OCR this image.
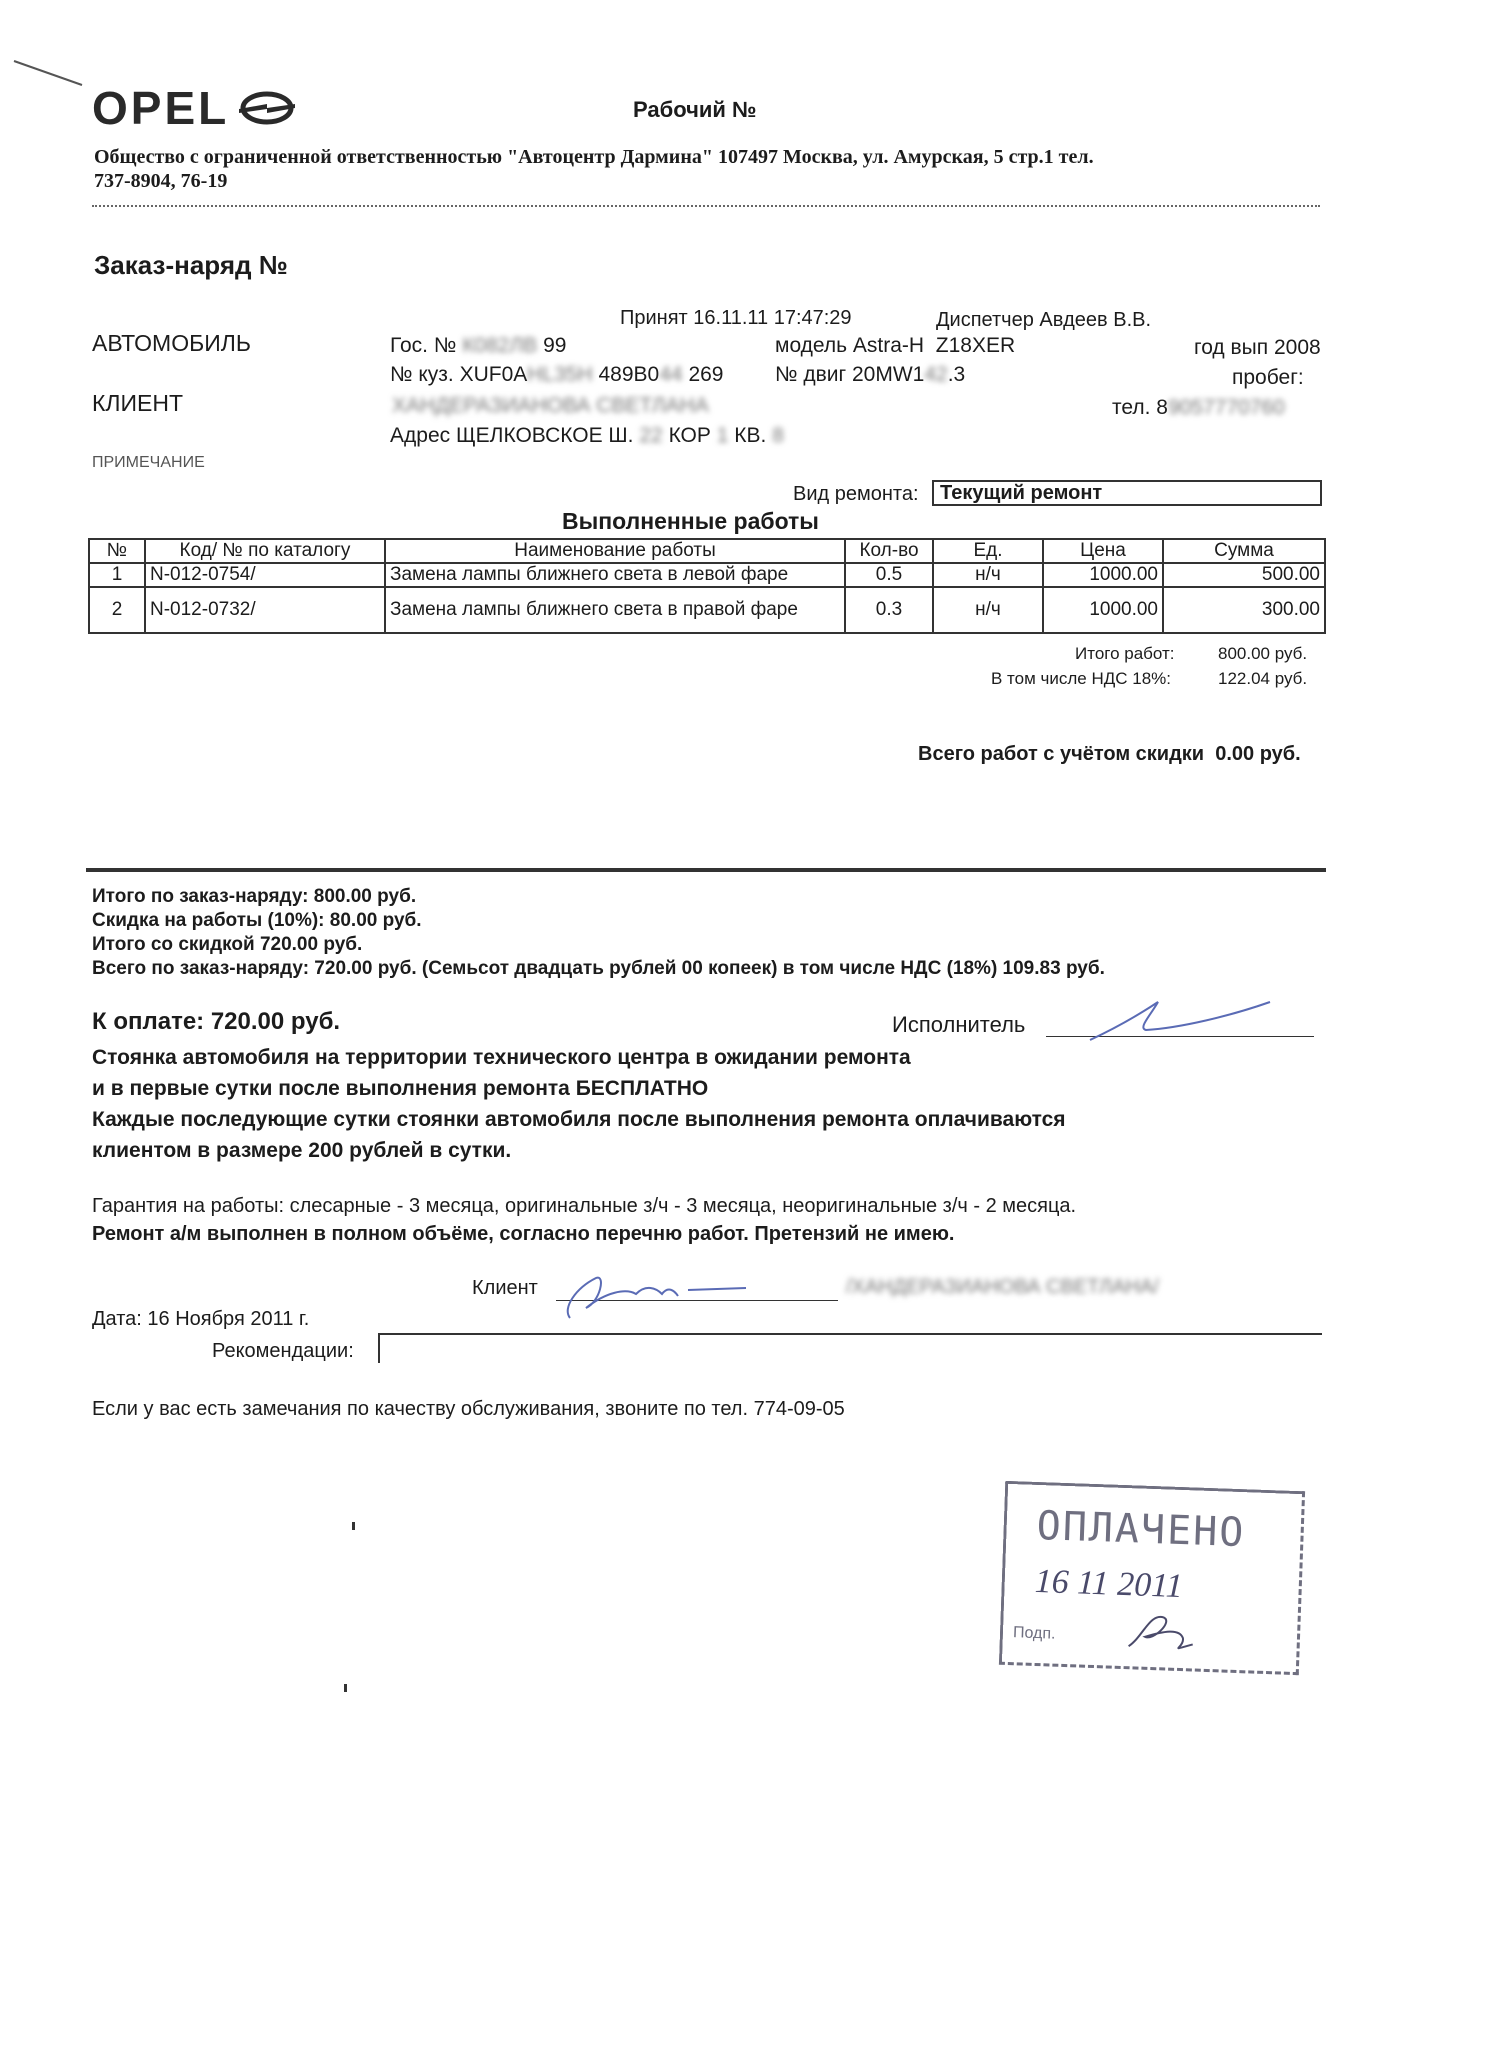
OPEL	Рабочий №
Общество с ограниченной ответственностью "Автоцентр Дармина" 107497 Москва, ул. Амурская, 5 стр.1 тел.
737-8904, 76-19
Заказ-наряд №
Принят 16.11.11 17:47:29	Диспетчер Авдеев В.В.
АВТОМОБИЛЬ	Гос. № К082ЛВ 99	модель Astra-H  Z18XER	год вып 2008
№ куз. XUF0AHL35H 489B044 269 № двиг 20MW142.3	пробег:
КЛИЕНТ	ХАНДЕРАЗИАНОВА СВЕТЛАНА	тел. 89057770760
Адрес ЩЕЛКОВСКОЕ Ш. 22 КОР 1 КВ. 8
ПРИМЕЧАНИЕ
Вид ремонта:	Текущий ремонт
Выполненные работы
№	Код/ № по каталогу	Наименование работы	Кол-во	Ед.	Цена	Сумма
1	N-012-0754/	Замена лампы ближнего света в левой фаре	0.5	н/ч	1000.00	500.00
2	N-012-0732/	Замена лампы ближнего света в правой фаре	0.3	н/ч	1000.00	300.00
Итого работ:	800.00 руб.
В том числе НДС 18%:	122.04 руб.
Всего работ с учётом скидки  0.00 руб.
Итого по заказ-наряду: 800.00 руб.
Скидка на работы (10%): 80.00 руб.
Итого со скидкой 720.00 руб.
Всего по заказ-наряду: 720.00 руб. (Семьсот двадцать рублей 00 копеек) в том числе НДС (18%) 109.83 руб.
К оплате: 720.00 руб.	Исполнитель
Стоянка автомобиля на территории технического центра в ожидании ремонта
и в первые сутки после выполнения ремонта БЕСПЛАТНО
Каждые последующие сутки стоянки автомобиля после выполнения ремонта оплачиваются
клиентом в размере 200 рублей в сутки.
Гарантия на работы: слесарные - 3 месяца, оригинальные з/ч - 3 месяца, неоригинальные з/ч - 2 месяца.
Ремонт а/м выполнен в полном объёме, согласно перечню работ. Претензий не имею.
Клиент	/ХАНДЕРАЗИАНОВА СВЕТЛАНА/
Дата: 16 Ноября 2011 г.
Рекомендации:
Если у вас есть замечания по качеству обслуживания, звоните по тел. 774-09-05
ОПЛАЧЕНО
16 11 2011
Подп.
